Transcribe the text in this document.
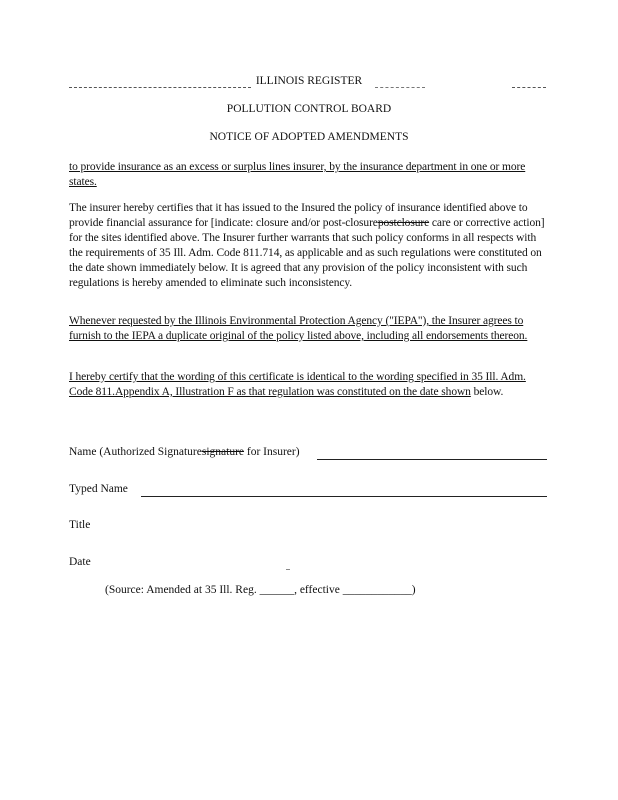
ILLINOIS REGISTER
POLLUTION CONTROL BOARD
NOTICE OF ADOPTED AMENDMENTS
to provide insurance as an excess or surplus lines insurer, by the insurance department in one or more states.
The insurer hereby certifies that it has issued to the Insured the policy of insurance identified above to provide financial assurance for [indicate: closure and/or post-closurepostclosure care or corrective action] for the sites identified above. The Insurer further warrants that such policy conforms in all respects with the requirements of 35 Ill. Adm. Code 811.714, as applicable and as such regulations were constituted on the date shown immediately below. It is agreed that any provision of the policy inconsistent with such regulations is hereby amended to eliminate such inconsistency.
Whenever requested by the Illinois Environmental Protection Agency ("IEPA"), the Insurer agrees to furnish to the IEPA a duplicate original of the policy listed above, including all endorsements thereon.
I hereby certify that the wording of this certificate is identical to the wording specified in 35 Ill. Adm. Code 811.Appendix A, Illustration F as that regulation was constituted on the date shown below.
Name (Authorized Signaturesignature for Insurer)
Typed Name
Title
Date
(Source: Amended at 35 Ill. Reg. ______, effective ____________)
